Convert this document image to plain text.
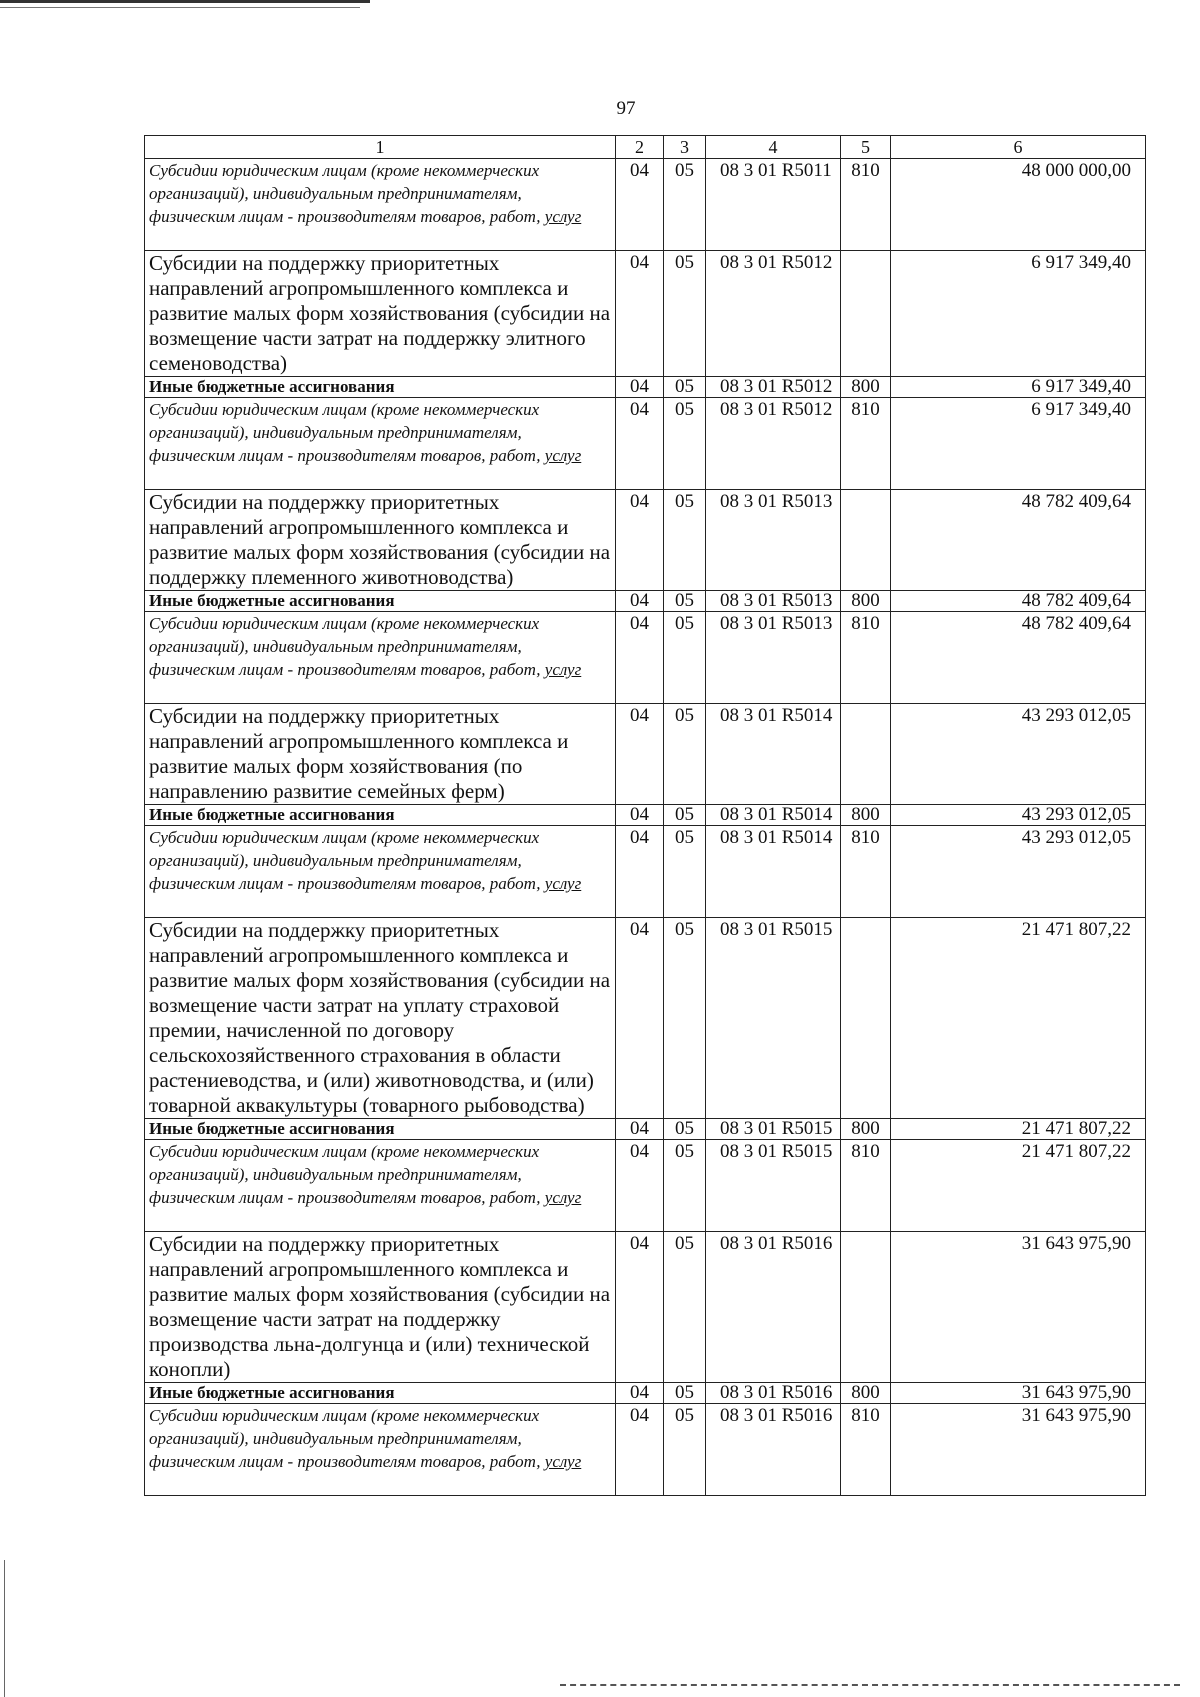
97
1	2	3	4	5	6
Субсидии юридическим лицам (кроме некоммерческих организаций), индивидуальным предпринимателям, физическим лицам - производителям товаров, работ, услуг	04	05	08 3 01 R5011	810	48 000 000,00
Субсидии на поддержку приоритетных направлений агропромышленного комплекса и развитие малых форм хозяйствования (субсидии на возмещение части затрат на поддержку элитного семеноводства)	04	05	08 3 01 R5012		6 917 349,40
Иные бюджетные ассигнования	04	05	08 3 01 R5012	800	6 917 349,40
Субсидии юридическим лицам (кроме некоммерческих организаций), индивидуальным предпринимателям, физическим лицам - производителям товаров, работ, услуг	04	05	08 3 01 R5012	810	6 917 349,40
Субсидии на поддержку приоритетных направлений агропромышленного комплекса и развитие малых форм хозяйствования (субсидии на поддержку племенного животноводства)	04	05	08 3 01 R5013		48 782 409,64
Иные бюджетные ассигнования	04	05	08 3 01 R5013	800	48 782 409,64
Субсидии юридическим лицам (кроме некоммерческих организаций), индивидуальным предпринимателям, физическим лицам - производителям товаров, работ, услуг	04	05	08 3 01 R5013	810	48 782 409,64
Субсидии на поддержку приоритетных направлений агропромышленного комплекса и развитие малых форм хозяйствования (по направлению развитие семейных ферм)	04	05	08 3 01 R5014		43 293 012,05
Иные бюджетные ассигнования	04	05	08 3 01 R5014	800	43 293 012,05
Субсидии юридическим лицам (кроме некоммерческих организаций), индивидуальным предпринимателям, физическим лицам - производителям товаров, работ, услуг	04	05	08 3 01 R5014	810	43 293 012,05
Субсидии на поддержку приоритетных направлений агропромышленного комплекса и развитие малых форм хозяйствования (субсидии на возмещение части затрат на уплату страховой премии, начисленной по договору сельскохозяйственного страхования в области растениеводства, и (или) животноводства, и (или) товарной аквакультуры (товарного рыбоводства)	04	05	08 3 01 R5015		21 471 807,22
Иные бюджетные ассигнования	04	05	08 3 01 R5015	800	21 471 807,22
Субсидии юридическим лицам (кроме некоммерческих организаций), индивидуальным предпринимателям, физическим лицам - производителям товаров, работ, услуг	04	05	08 3 01 R5015	810	21 471 807,22
Субсидии на поддержку приоритетных направлений агропромышленного комплекса и развитие малых форм хозяйствования (субсидии на возмещение части затрат на поддержку производства льна-долгунца и (или) технической конопли)	04	05	08 3 01 R5016		31 643 975,90
Иные бюджетные ассигнования	04	05	08 3 01 R5016	800	31 643 975,90
Субсидии юридическим лицам (кроме некоммерческих организаций), индивидуальным предпринимателям, физическим лицам - производителям товаров, работ, услуг	04	05	08 3 01 R5016	810	31 643 975,90
